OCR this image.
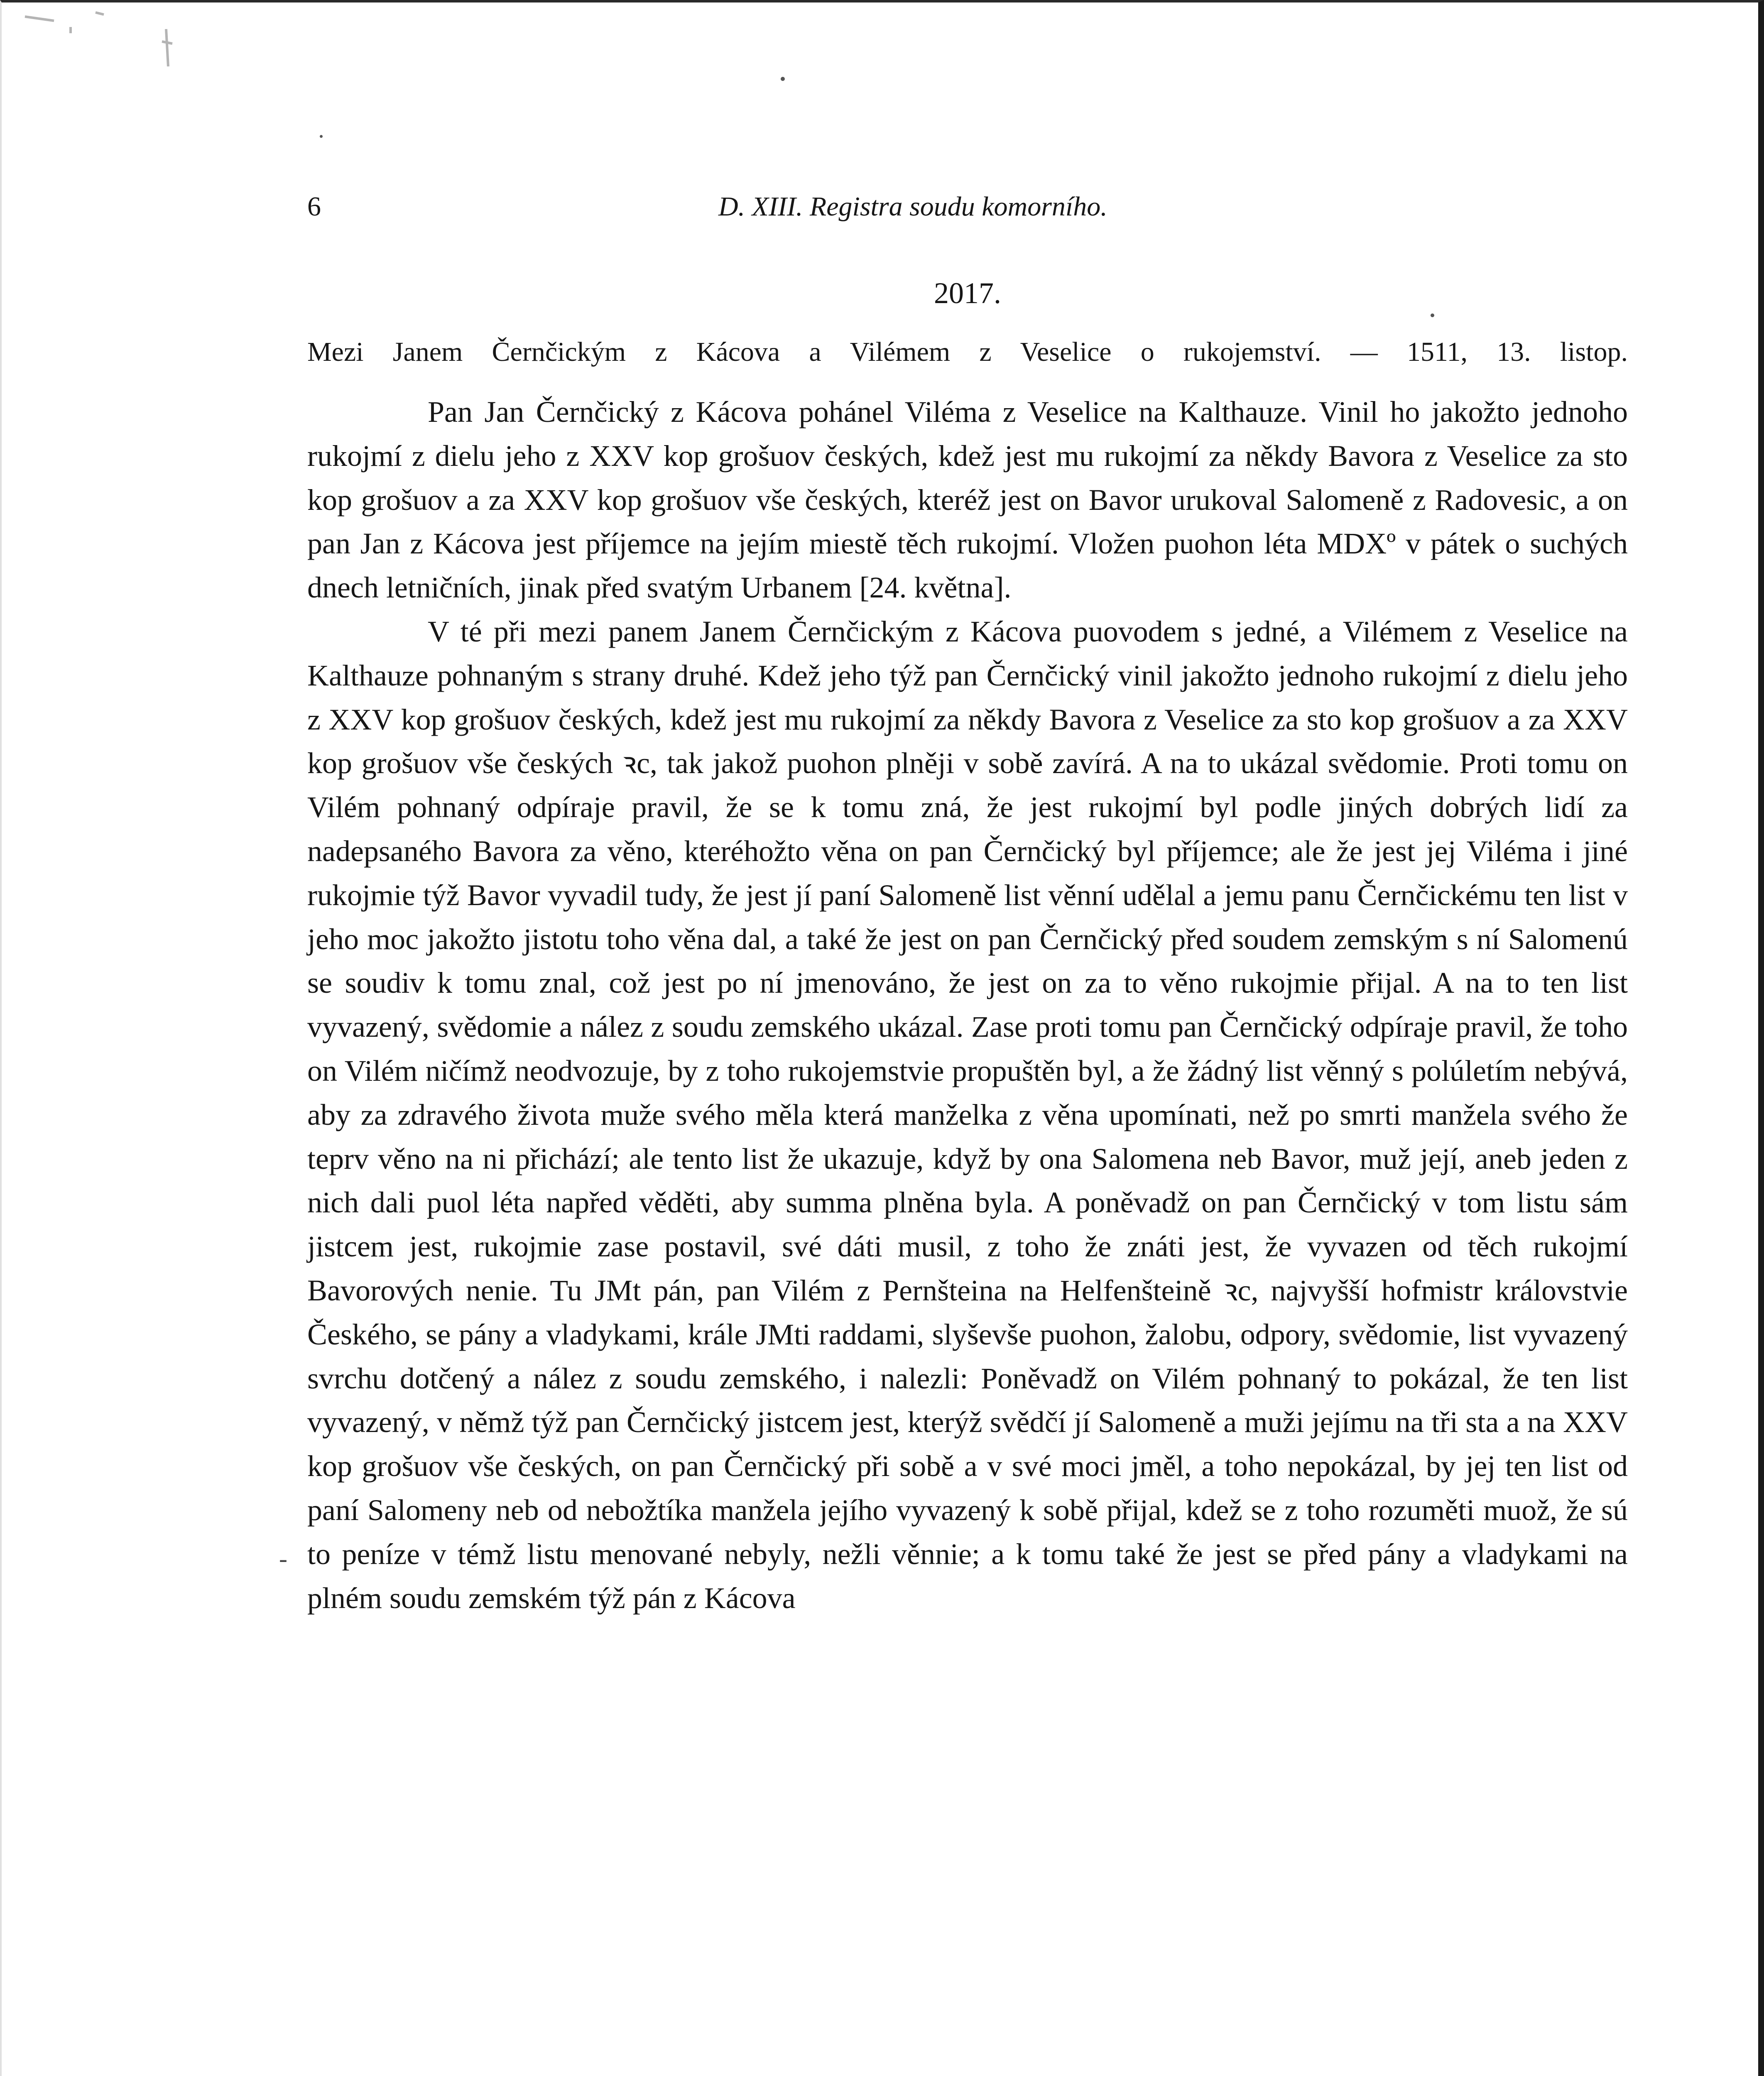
6	D. XIII. Registra soudu komorního.
2017.
Mezi Janem Černčickým z Kácova a Vilémem z Veselice o rukojemství. — 1511, 13. listop.

Pan Jan Černčický z Kácova pohánel Viléma z Veselice na Kalthauze. Vinil ho jakožto jednoho rukojmí z dielu jeho z XXV kop grošuov českých, kdež jest mu rukojmí za někdy Bavora z Veselice za sto kop grošuov a za XXV kop grošuov vše českých, kteréž jest on Bavor urukoval Salomeně z Radovesic, a on pan Jan z Kácova jest příjemce na jejím miestě těch rukojmí. Vložen puohon léta MDXº v pátek o suchých dnech letničních, jinak před svatým Urbanem [24. května].

V té při mezi panem Janem Černčickým z Kácova puovodem s jedné, a Vilémem z Veselice na Kalthauze pohnaným s strany druhé. Kdež jeho týž pan Černčický vinil jakožto jednoho rukojmí z dielu jeho z XXV kop grošuov českých, kdež jest mu rukojmí za někdy Bavora z Veselice za sto kop grošuov a za XXV kop grošuov vše českých ꝛc, tak jakož puohon plněji v sobě zavírá. A na to ukázal svědomie. Proti tomu on Vilém pohnaný odpíraje pravil, že se k tomu zná, že jest rukojmí byl podle jiných dobrých lidí za nadepsaného Bavora za věno, kteréhožto věna on pan Černčický byl příjemce; ale že jest jej Viléma i jiné rukojmie týž Bavor vyvadil tudy, že jest jí paní Salomeně list věnní udělal a jemu panu Černčickému ten list v jeho moc jakožto jistotu toho věna dal, a také že jest on pan Černčický před soudem zemským s ní Salomenú se soudiv k tomu znal, což jest po ní jmenováno, že jest on za to věno rukojmie přijal. A na to ten list vyvazený, svědomie a nález z soudu zemského ukázal. Zase proti tomu pan Černčický odpíraje pravil, že toho on Vilém ničímž neodvozuje, by z toho rukojemstvie propuštěn byl, a že žádný list věnný s polúletím nebývá, aby za zdravého života muže svého měla která manželka z věna upomínati, než po smrti manžela svého že teprv věno na ni přichází; ale tento list že ukazuje, když by ona Salomena neb Bavor, muž její, aneb jeden z nich dali puol léta napřed věděti, aby summa plněna byla. A poněvadž on pan Černčický v tom listu sám jistcem jest, rukojmie zase postavil, své dáti musil, z toho že znáti jest, že vyvazen od těch rukojmí Bavorových nenie. Tu JMt pán, pan Vilém z Pernšteina na Helfenšteině ꝛc, najvyšší hofmistr královstvie Českého, se pány a vladykami, krále JMti raddami, slyševše puohon, žalobu, odpory, svědomie, list vyvazený svrchu dotčený a nález z soudu zemského, i nalezli: Poněvadž on Vilém pohnaný to pokázal, že ten list vyvazený, v němž týž pan Černčický jistcem jest, kterýž svědčí jí Salomeně a muži jejímu na tři sta a na XXV kop grošuov vše českých, on pan Černčický při sobě a v své moci jměl, a toho nepokázal, by jej ten list od paní Salomeny neb od nebožtíka manžela jejího vyvazený k sobě přijal, kdež se z toho rozuměti muož, že sú to peníze v témž listu menované nebyly, nežli věnnie; a k tomu také že jest se před pány a vladykami na plném soudu zemském týž pán z Kácova

‐
